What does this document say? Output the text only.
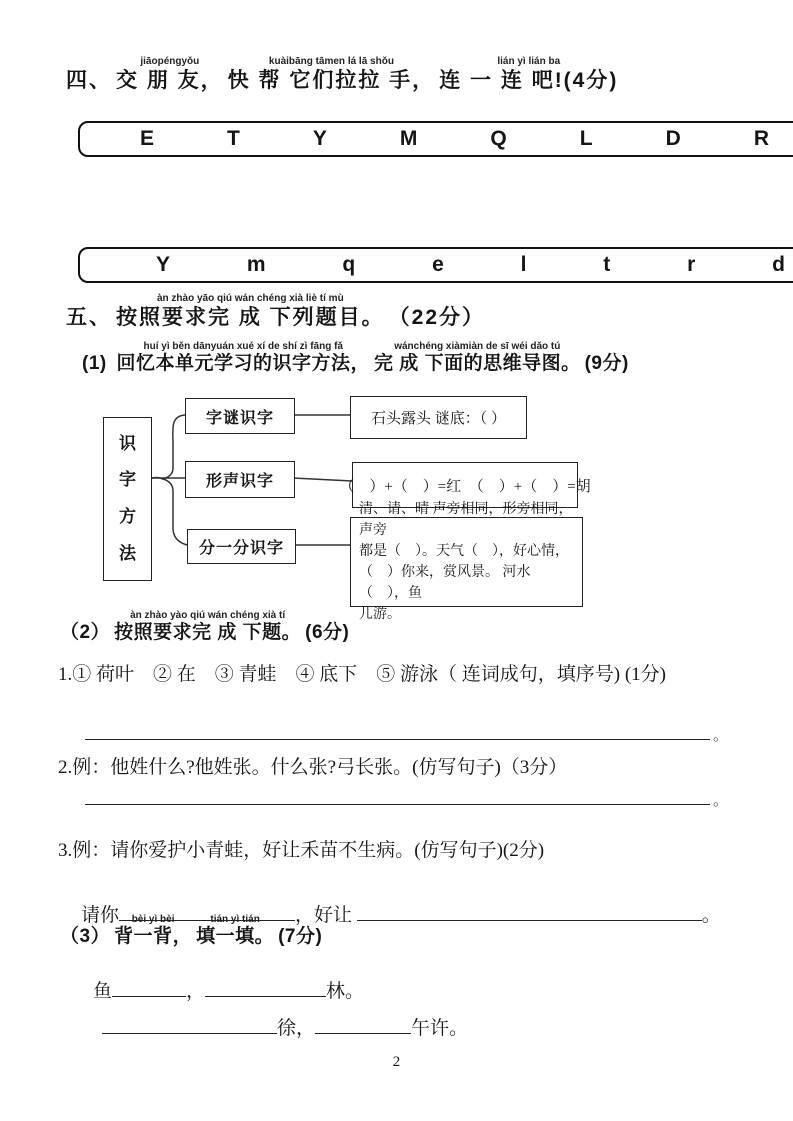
四、
jiāopéngyǒu
交 朋 友，
kuàibāng tāmen lá lā shǒu
快 帮 它们拉拉 手，
lián yì lián ba
连 一 连 吧!(4分)
E	T	Y	M	Q	L	D	R
Y	m	q	e	l	t	r	d
五、
àn zhào yāo qiú wán chéng xià liè tí mù
按照要求完 成 下列题目。 （22分）
(1)
huí yì běn dānyuán xué xí de shí zì fāng fǎ
回忆本单元学习的识字方法，
wánchéng xiàmiàn de sī wéi dǎo tú
完 成 下面的思维导图。 (9分)
识
字
方
法
字谜识字
形声识字
分一分识字
石头露头 谜底：（ ）
（　）+（　）=红　（　）+（　）=胡
清、请、晴 声旁相同，形旁相同，声旁
都是（　）。天气（　），好心情，
（　）你来，赏风景。 河水（　），鱼
儿游。
（2）
àn zhào yào qiú wán chéng xià tí
按照要求完 成 下题。 (6分)
1.① 荷叶　② 在　③ 青蛙　④ 底下　⑤ 游泳（ 连词成句，填序号) (1分)
。
2.例：他姓什么?他姓张。什么张?弓长张。(仿写句子)（3分）
。
3.例：请你爱护小青蛙，好让禾苗不生病。(仿写句子)(2分)

请你	，好让	。

（3）
bèi yì bèi
背一背，
tián yì tián
填一填。 (7分)

鱼	，	林。

徐，	午许。

2
